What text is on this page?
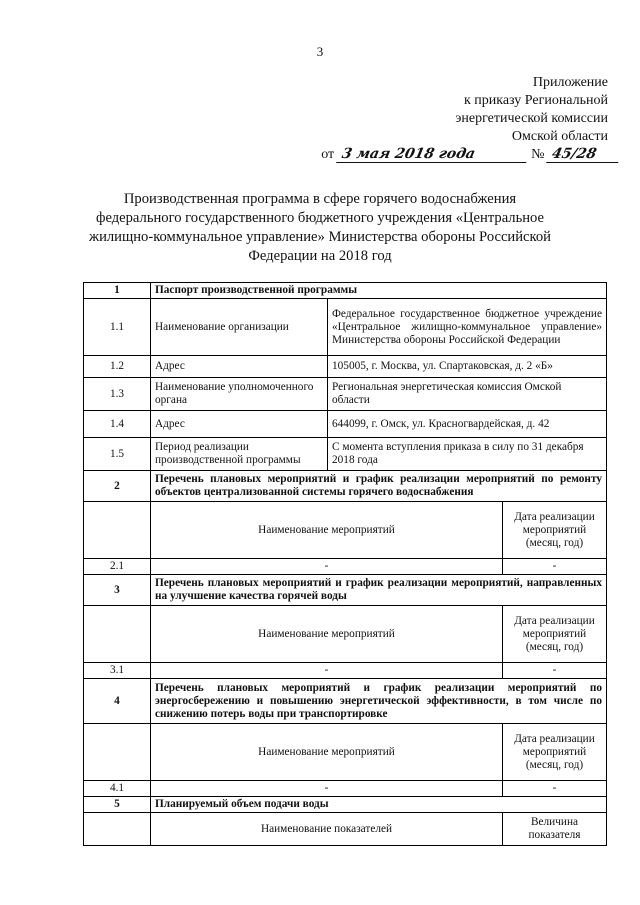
3
Приложение
к приказу Региональной
энергетической комиссии
Омской области
от 3 мая 2018 года	№ 45/28
Производственная программа в сфере горячего водоснабжения федерального государственного бюджетного учреждения «Центральное жилищно-коммунальное управление» Министерства обороны Российской Федерации на 2018 год
1	Паспорт производственной программы		
1.1	Наименование организации	Федеральное государственное бюджетное учреждение «Центральное жилищно-коммунальное управление» Министерства обороны Российской Федерации	
1.2	Адрес	105005, г. Москва, ул. Спартаковская, д. 2 «Б»	
1.3	Наименование уполномоченного органа	Региональная энергетическая комиссия Омской области	
1.4	Адрес	644099, г. Омск, ул. Красногвардейская, д. 42	
1.5	Период реализации производственной программы	С момента вступления приказа в силу по 31 декабря 2018 года	
2	Перечень плановых мероприятий и график реализации мероприятий по ремонту объектов централизованной системы горячего водоснабжения		
	Наименование мероприятий		Дата реализации мероприятий (месяц, год)
2.1	-		-
3	Перечень плановых мероприятий и график реализации мероприятий, направленных на улучшение качества горячей воды		
	Наименование мероприятий		Дата реализации мероприятий (месяц, год)
3.1	-		-
4	Перечень плановых мероприятий и график реализации мероприятий по энергосбережению и повышению энергетической эффективности, в том числе по снижению потерь воды при транспортировке		
	Наименование мероприятий		Дата реализации мероприятий (месяц, год)
4.1	-		-
5	Планируемый объем подачи воды		
	Наименование показателей		Величина показателя
